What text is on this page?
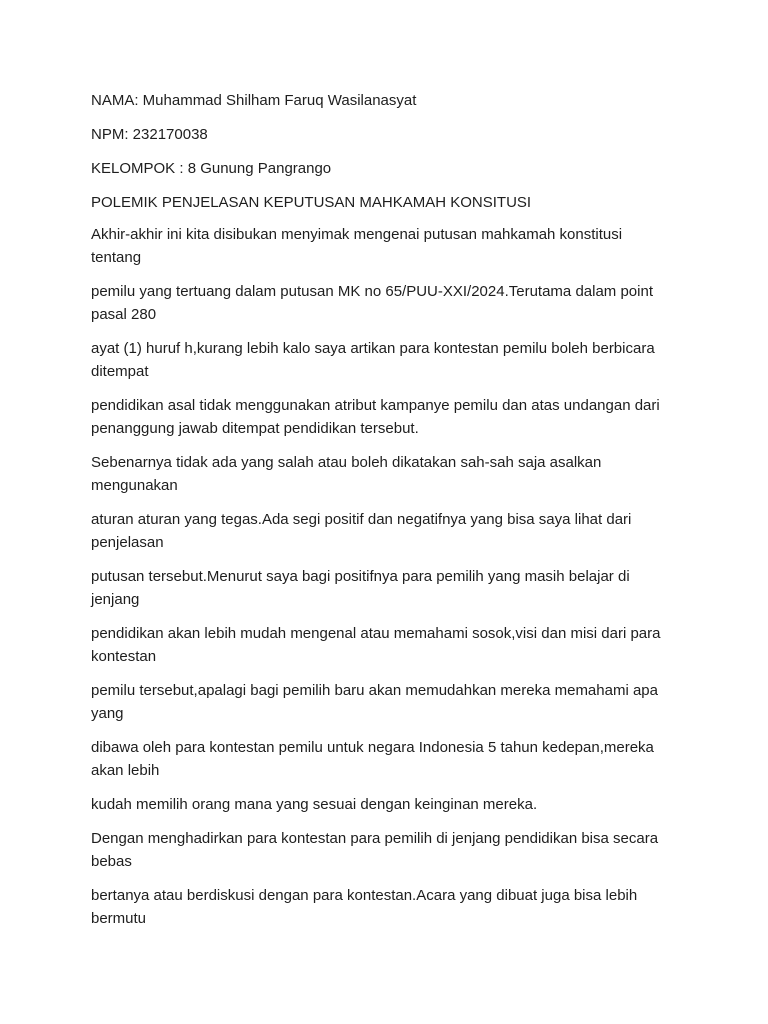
NAMA: Muhammad Shilham Faruq Wasilanasyat

NPM: 232170038

KELOMPOK : 8 Gunung Pangrango

POLEMIK PENJELASAN KEPUTUSAN MAHKAMAH KONSITUSI

Akhir-akhir ini kita disibukan menyimak mengenai putusan mahkamah konstitusi tentang

pemilu yang tertuang dalam putusan MK no 65/PUU-XXI/2024.Terutama dalam point pasal 280

ayat (1) huruf h,kurang lebih kalo saya artikan para kontestan pemilu boleh berbicara ditempat

pendidikan asal tidak menggunakan atribut kampanye pemilu dan atas undangan dari penanggung jawab ditempat pendidikan tersebut.

Sebenarnya tidak ada yang salah atau boleh dikatakan sah-sah saja asalkan mengunakan

aturan aturan yang tegas.Ada segi positif dan negatifnya yang bisa saya lihat dari penjelasan

putusan tersebut.Menurut saya bagi positifnya para pemilih yang masih belajar di jenjang

pendidikan akan lebih mudah mengenal atau memahami sosok,visi dan misi dari para kontestan

pemilu tersebut,apalagi bagi pemilih baru akan memudahkan mereka memahami apa yang

dibawa oleh para kontestan pemilu untuk negara Indonesia 5 tahun kedepan,mereka akan lebih

kudah memilih orang mana yang sesuai dengan keinginan mereka.

Dengan menghadirkan para kontestan para pemilih di jenjang pendidikan bisa secara bebas

bertanya atau berdiskusi dengan para kontestan.Acara yang dibuat juga bisa lebih bermutu
